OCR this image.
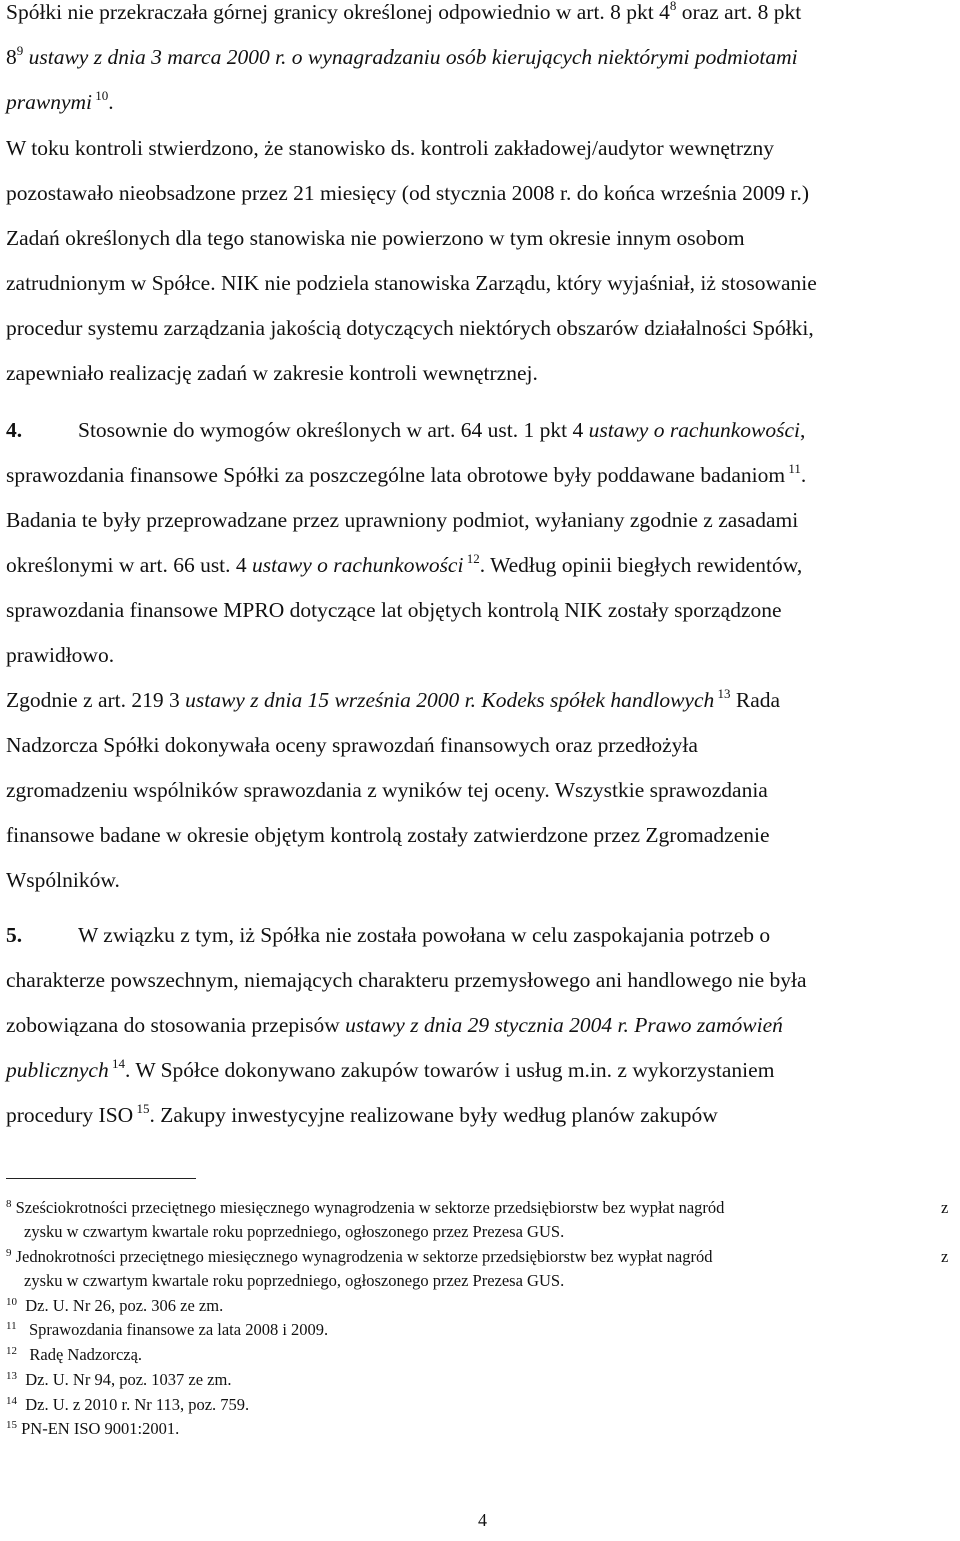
Spółki nie przekraczała górnej granicy określonej odpowiednio w art. 8 pkt $4^8$ oraz art. 8 pkt
$8^9$ ustawy z dnia 3 marca 2000 r. o wynagradzaniu osób kierujących niektórymi podmiotami
prawnymi $^{10}$.
W toku kontroli stwierdzono, że stanowisko ds. kontroli zakładowej/audytor wewnętrzny
pozostawało nieobsadzone przez 21 miesięcy (od stycznia 2008 r. do końca września 2009 r.)
Zadań określonych dla tego stanowiska nie powierzono w tym okresie innym osobom
zatrudnionym w Spółce. NIK nie podziela stanowiska Zarządu, który wyjaśniał, iż stosowanie
procedur systemu zarządzania jakością dotyczących niektórych obszarów działalności Spółki,
zapewniało realizację zadań w zakresie kontroli wewnętrznej.
4.	Stosownie do wymogów określonych w art. 64 ust. 1 pkt 4 ustawy o rachunkowości,
sprawozdania finansowe Spółki za poszczególne lata obrotowe były poddawane badaniom $^{11}$.
Badania te były przeprowadzane przez uprawniony podmiot, wyłaniany zgodnie z zasadami
określonymi w art. 66 ust. 4 ustawy o rachunkowości $^{12}$. Według opinii biegłych rewidentów,
sprawozdania finansowe MPRO dotyczące lat objętych kontrolą NIK zostały sporządzone
prawidłowo.
Zgodnie z art. 219 3 ustawy z dnia 15 września 2000 r. Kodeks spółek handlowych $^{13}$ Rada
Nadzorcza Spółki dokonywała oceny sprawozdań finansowych oraz przedłożyła
zgromadzeniu wspólników sprawozdania z wyników tej oceny. Wszystkie sprawozdania
finansowe badane w okresie objętym kontrolą zostały zatwierdzone przez Zgromadzenie
Wspólników.
5.	W związku z tym, iż Spółka nie została powołana w celu zaspokajania potrzeb o
charakterze powszechnym, niemających charakteru przemysłowego ani handlowego nie była
zobowiązana do stosowania przepisów ustawy z dnia 29 stycznia 2004 r. Prawo zamówień
publicznych $^{14}$. W Spółce dokonywano zakupów towarów i usług m.in. z wykorzystaniem
procedury ISO $^{15}$. Zakupy inwestycyjne realizowane były według planów zakupów
$^8$ Sześciokrotności przeciętnego miesięcznego wynagrodzenia w sektorze przedsiębiorstw bez wypłat nagród	z
zysku w czwartym kwartale roku poprzedniego, ogłoszonego przez Prezesa GUS.
$^9$ Jednokrotności przeciętnego miesięcznego wynagrodzenia w sektorze przedsiębiorstw bez wypłat nagród	z
zysku w czwartym kwartale roku poprzedniego, ogłoszonego przez Prezesa GUS.
$^{10}$  Dz. U. Nr 26, poz. 306 ze zm.
$^{11}$   Sprawozdania finansowe za lata 2008 i 2009.
$^{12}$   Radę Nadzorczą.
$^{13}$  Dz. U. Nr 94, poz. 1037 ze zm.
$^{14}$  Dz. U. z 2010 r. Nr 113, poz. 759.
$^{15}$ PN-EN ISO 9001:2001.
4
